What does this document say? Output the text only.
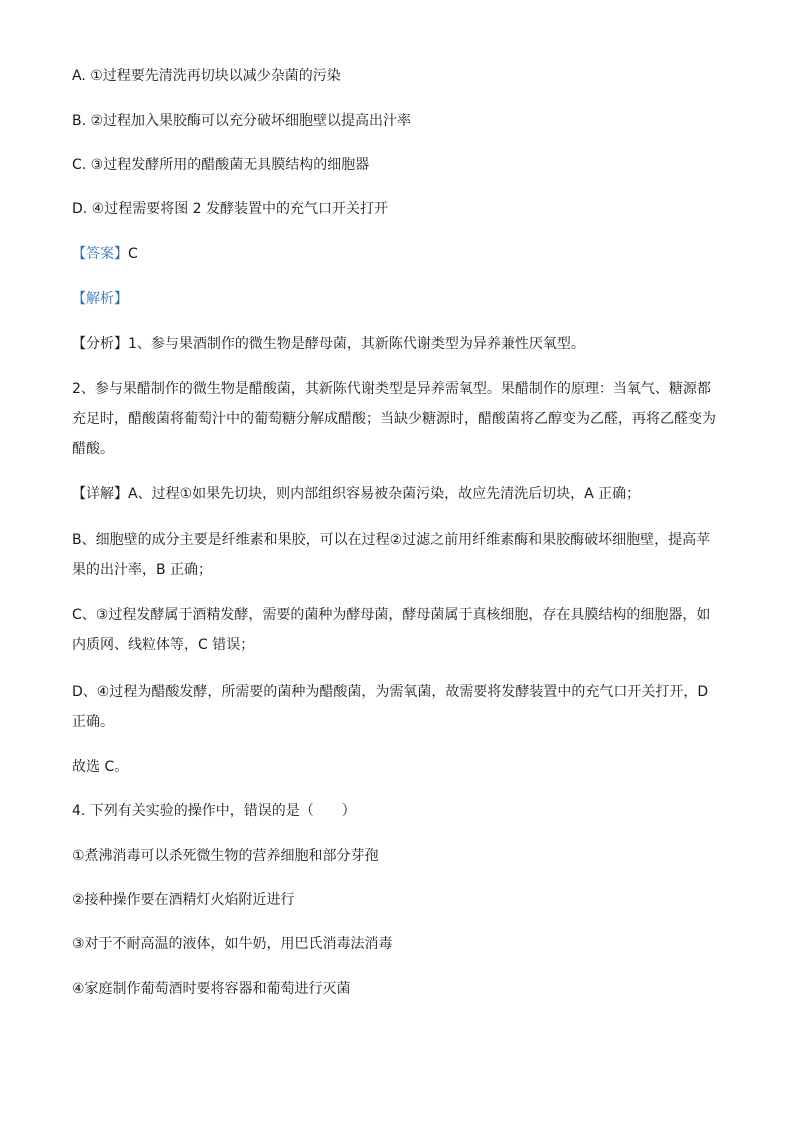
A. ①过程要先清洗再切块以减少杂菌的污染
B. ②过程加入果胶酶可以充分破坏细胞壁以提高出汁率
C. ③过程发酵所用的醋酸菌无具膜结构的细胞器
D. ④过程需要将图 2 发酵装置中的充气口开关打开
【答案】C
【解析】
【分析】1、参与果酒制作的微生物是酵母菌，其新陈代谢类型为异养兼性厌氧型。
2、参与果醋制作的微生物是醋酸菌，其新陈代谢类型是异养需氧型。果醋制作的原理：当氧气、糖源都充足时，醋酸菌将葡萄汁中的葡萄糖分解成醋酸；当缺少糖源时，醋酸菌将乙醇变为乙醛，再将乙醛变为醋酸。
【详解】A、过程①如果先切块，则内部组织容易被杂菌污染，故应先清洗后切块，A 正确；
B、细胞壁的成分主要是纤维素和果胶，可以在过程②过滤之前用纤维素酶和果胶酶破坏细胞壁，提高苹果的出汁率，B 正确；
C、③过程发酵属于酒精发酵，需要的菌种为酵母菌，酵母菌属于真核细胞，存在具膜结构的细胞器，如内质网、线粒体等，C 错误；
D、④过程为醋酸发酵，所需要的菌种为醋酸菌，为需氧菌，故需要将发酵装置中的充气口开关打开，D 正确。
故选 C。
4. 下列有关实验的操作中，错误的是（　　）
①煮沸消毒可以杀死微生物的营养细胞和部分芽孢
②接种操作要在酒精灯火焰附近进行
③对于不耐高温的液体，如牛奶，用巴氏消毒法消毒
④家庭制作葡萄酒时要将容器和葡萄进行灭菌
